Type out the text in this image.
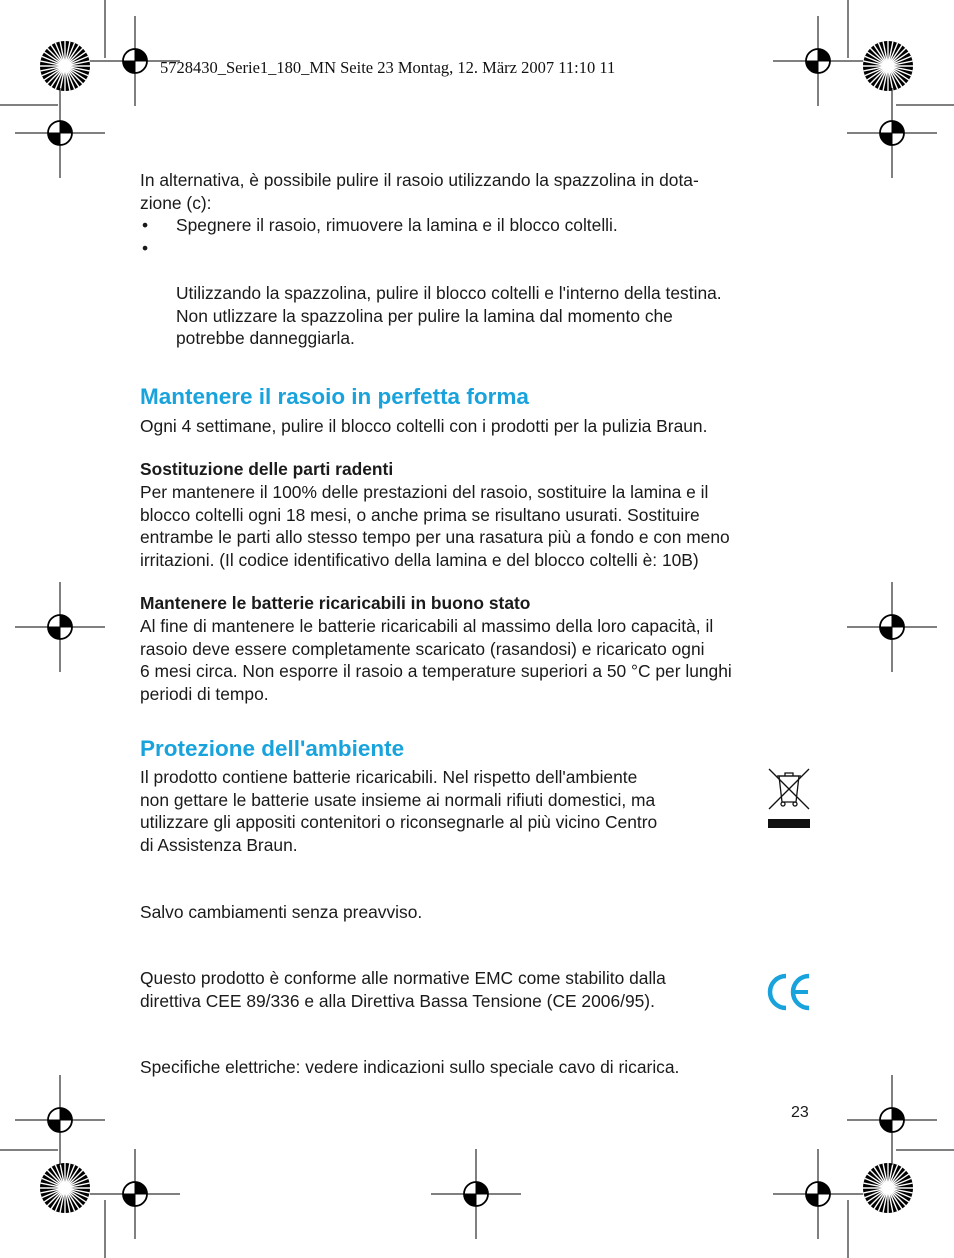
5728430_Serie1_180_MN Seite 23 Montag, 12. März 2007 11:10 11

In alternativa, è possibile pulire il rasoio utilizzando la spazzolina in dota-
zione (c):

• Spegnere il rasoio, rimuovere la lamina e il blocco coltelli.

•

Utilizzando la spazzolina, pulire il blocco coltelli e l'interno della testina.
Non utlizzare la spazzolina per pulire la lamina dal momento che
potrebbe danneggiarla.

Mantenere il rasoio in perfetta forma

Ogni 4 settimane, pulire il blocco coltelli con i prodotti per la pulizia Braun.

Sostituzione delle parti radenti

Per mantenere il 100% delle prestazioni del rasoio, sostituire la lamina e il
blocco coltelli ogni 18 mesi, o anche prima se risultano usurati. Sostituire
entrambe le parti allo stesso tempo per una rasatura più a fondo e con meno
irritazioni. (Il codice identificativo della lamina e del blocco coltelli è: 10B)

Mantenere le batterie ricaricabili in buono stato

Al fine di mantenere le batterie ricaricabili al massimo della loro capacità, il
rasoio deve essere completamente scaricato (rasandosi) e ricaricato ogni
6 mesi circa. Non esporre il rasoio a temperature superiori a 50 °C per lunghi
periodi di tempo.

Protezione dell'ambiente

Il prodotto contiene batterie ricaricabili. Nel rispetto dell'ambiente
non gettare le batterie usate insieme ai normali rifiuti domestici, ma
utilizzare gli appositi contenitori o riconsegnarle al più vicino Centro
di Assistenza Braun.

Salvo cambiamenti senza preavviso.

Questo prodotto è conforme alle normative EMC come stabilito dalla
direttiva CEE 89/336 e alla Direttiva Bassa Tensione (CE 2006/95).

Specifiche elettriche: vedere indicazioni sullo speciale cavo di ricarica.

23
